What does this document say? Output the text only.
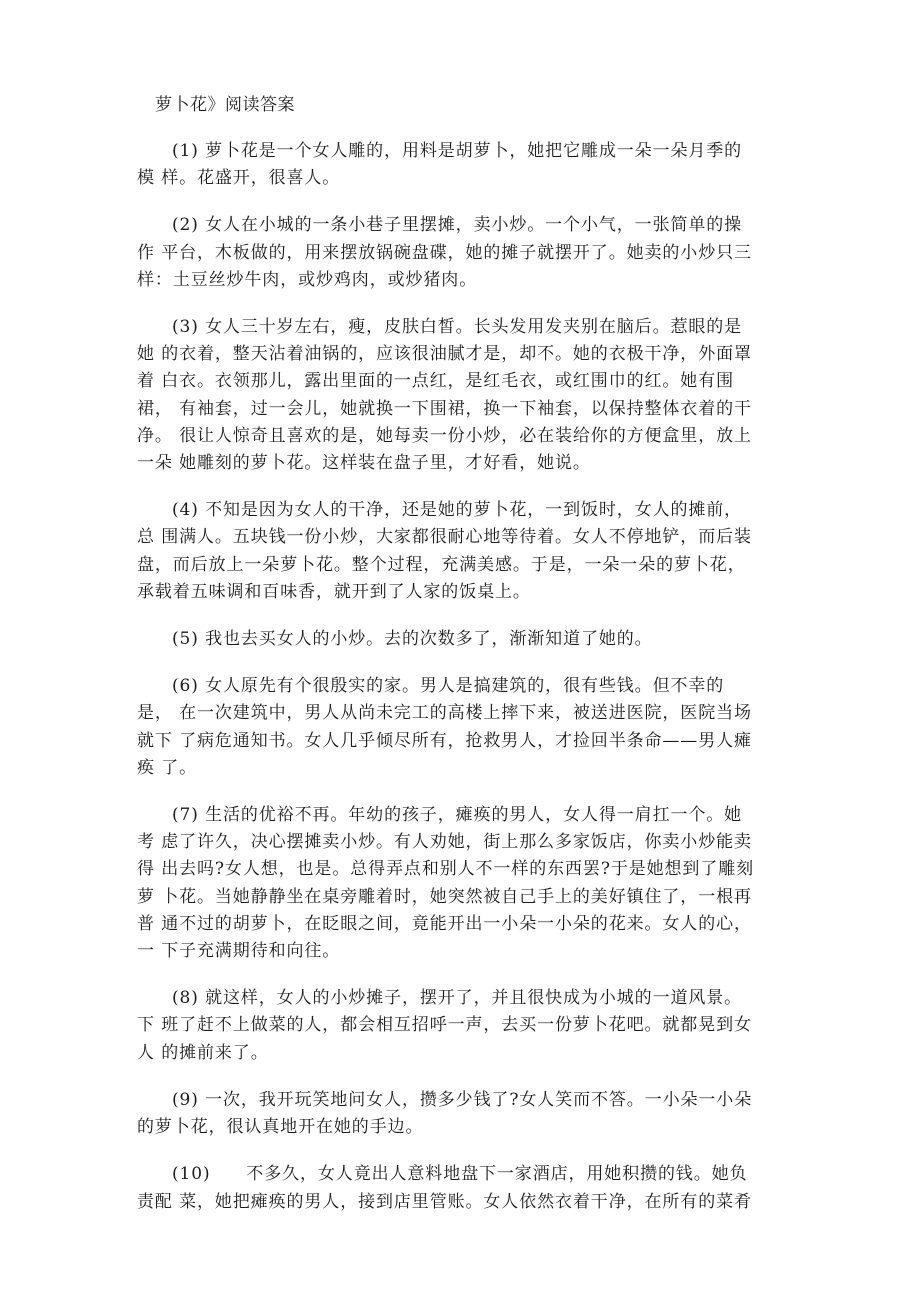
萝卜花》阅读答案
(1) 萝卜花是一个女人雕的，用料是胡萝卜，她把它雕成一朵一朵月季的
模 样。花盛开，很喜人。
(2) 女人在小城的一条小巷子里摆摊，卖小炒。一个小气，一张简单的操
作 平台，木板做的，用来摆放锅碗盘碟，她的摊子就摆开了。她卖的小炒只三
样：土豆丝炒牛肉，或炒鸡肉，或炒猪肉。
(3) 女人三十岁左右，瘦，皮肤白皙。长头发用发夹别在脑后。惹眼的是
她 的衣着，整天沾着油锅的，应该很油腻才是，却不。她的衣极干净，外面罩
着 白衣。衣领那儿，露出里面的一点红，是红毛衣，或红围巾的红。她有围
裙， 有袖套，过一会儿，她就换一下围裙，换一下袖套，以保持整体衣着的干
净。 很让人惊奇且喜欢的是，她每卖一份小炒，必在装给你的方便盒里，放上
一朵 她雕刻的萝卜花。这样装在盘子里，才好看，她说。
(4) 不知是因为女人的干净，还是她的萝卜花，一到饭时，女人的摊前，
总 围满人。五块钱一份小炒，大家都很耐心地等待着。女人不停地铲，而后装
盘，而后放上一朵萝卜花。整个过程，充满美感。于是，一朵一朵的萝卜花，
承载着五味调和百味香，就开到了人家的饭桌上。
(5) 我也去买女人的小炒。去的次数多了，渐渐知道了她的。
(6) 女人原先有个很殷实的家。男人是搞建筑的，很有些钱。但不幸的
是， 在一次建筑中，男人从尚未完工的高楼上摔下来，被送进医院，医院当场
就下 了病危通知书。女人几乎倾尽所有，抢救男人，才捡回半条命——男人瘫
痪 了。
(7) 生活的优裕不再。年幼的孩子，瘫痪的男人，女人得一肩扛一个。她
考 虑了许久，决心摆摊卖小炒。有人劝她，街上那么多家饭店，你卖小炒能卖
得 出去吗?女人想，也是。总得弄点和别人不一样的东西罢?于是她想到了雕刻
萝 卜花。当她静静坐在桌旁雕着时，她突然被自己手上的美好镇住了，一根再
普 通不过的胡萝卜，在眨眼之间，竟能开出一小朵一小朵的花来。女人的心，
一 下子充满期待和向往。
(8) 就这样，女人的小炒摊子，摆开了，并且很快成为小城的一道风景。
下 班了赶不上做菜的人，都会相互招呼一声，去买一份萝卜花吧。就都晃到女
人 的摊前来了。
(9) 一次，我开玩笑地问女人，攒多少钱了?女人笑而不答。一小朵一小朵
的萝卜花，很认真地开在她的手边。
(10)　　不多久，女人竟出人意料地盘下一家酒店，用她积攒的钱。她负
责配 菜，她把瘫痪的男人，接到店里管账。女人依然衣着干净，在所有的菜肴
